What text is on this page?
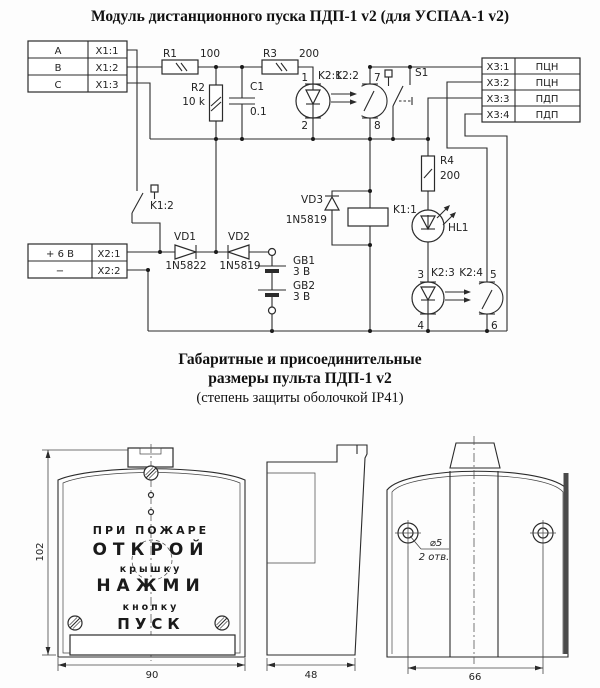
Модуль дистанционного пуска ПДП-1 v2 (для УСПАА-1 v2)
A
B
C
X1:1
X1:2
X1:3
+ 6 В
−
X2:1
X2:2
X3:1
X3:2
X3:3
X3:4
ПЦН
ПЦН
ПДП
ПДП
R1 100
R2
10 k
C1
0.1
R3 200
K2:1
1
2
K2:2 7
8
S1
K1:2
VD1
1N5822
VD2
1N5819	GB1
3 В
GB2
3 В
VD3
1N5819
K1:1
R4
200
HL1
3 K2:3
4
K2:4 5
6
Габаритные и присоединительные
размеры пульта ПДП-1 v2
(степень защиты оболочкой IP41)
ПРИ ПОЖАРЕ
ОТКРОЙ
крышку
НАЖМИ
кнопку
ПУСК
102
90	48
⌀5
2 отв.
66
